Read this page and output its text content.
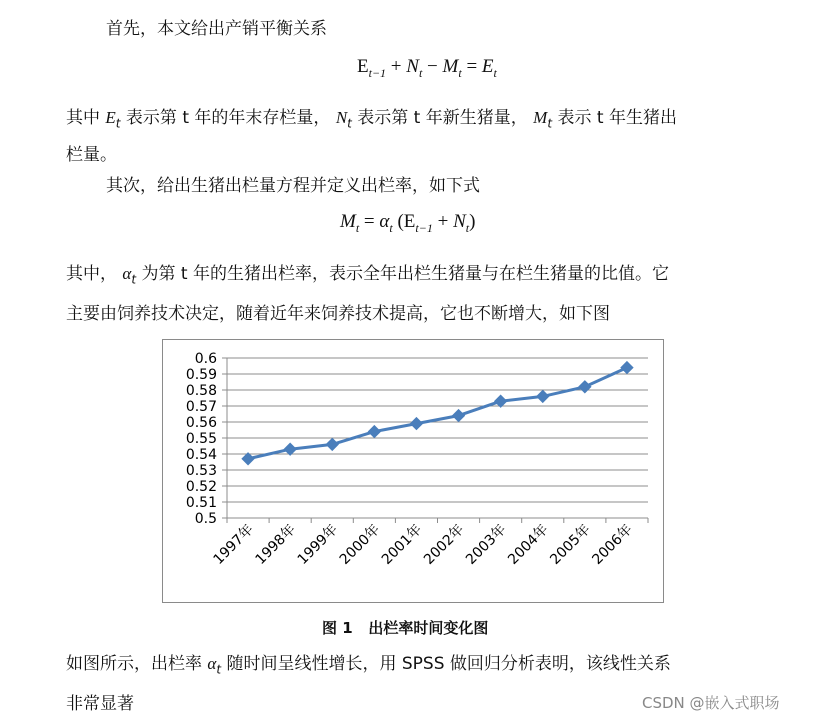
首先，本文给出产销平衡关系
$E_{t-1} + N_t - M_t = E_t$
其中 $E_t$ 表示第 t 年的年末存栏量， $N_t$ 表示第 t 年新生猪量， $M_t$ 表示 t 年生猪出
栏量。
其次，给出生猪出栏量方程并定义出栏率，如下式
$M_t = \alpha_t$ $(E_{t-1} + N_t)$
其中， $\alpha_t$ 为第 t 年的生猪出栏率，表示全年出栏生猪量与在栏生猪量的比值。它
主要由饲养技术决定，随着近年来饲养技术提高，它也不断增大，如下图
0.6
0.59
0.58
0.57
0.56
0.55
0.54
0.53
0.52
0.51
0.5
1997年
1998年
1999年
2000年
2001年
2002年
2003年
2004年
2005年
2006年
图 1 出栏率时间变化图
如图所示，出栏率 $\alpha_t$ 随时间呈线性增长，用 SPSS 做回归分析表明，该线性关系
非常显著	CSDN @嵌入式职场
